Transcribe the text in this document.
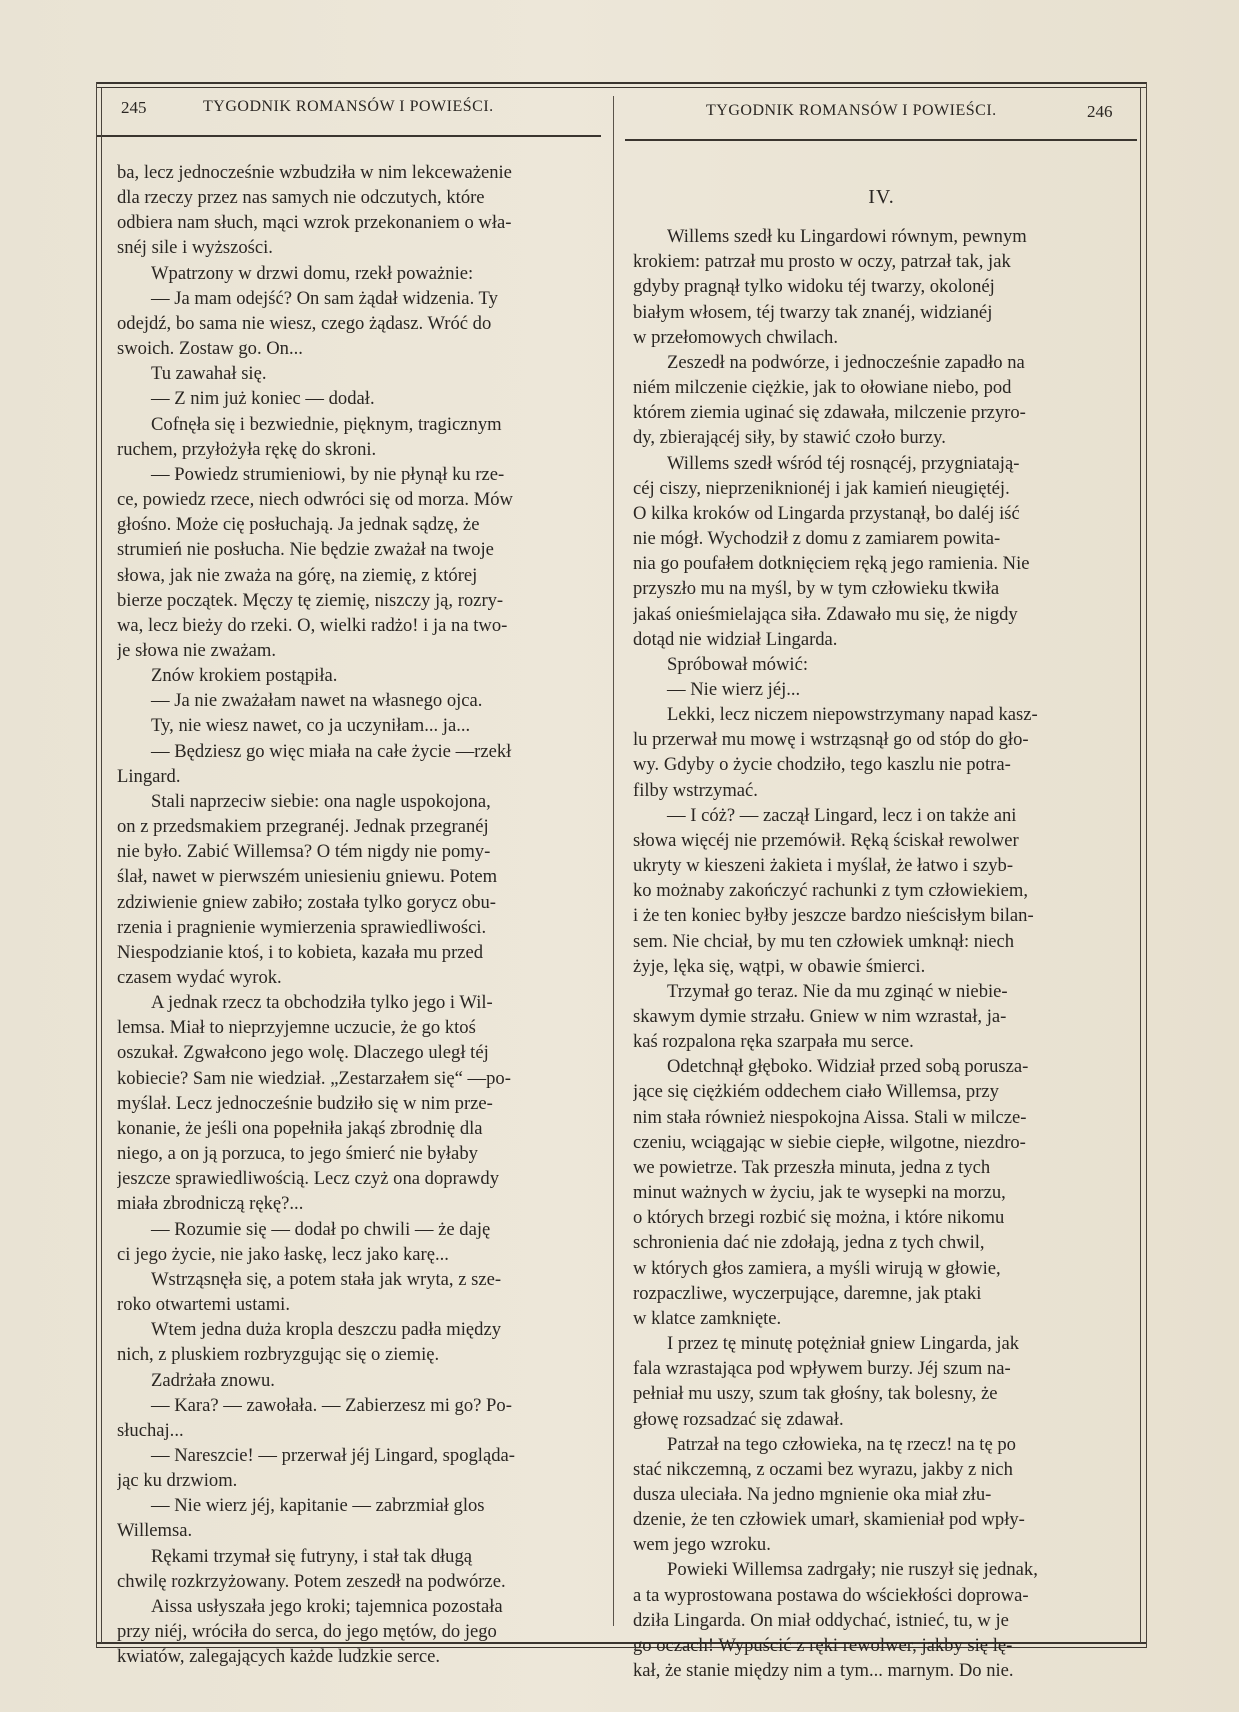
245	TYGODNIK ROMANSÓW I POWIEŚCI.	TYGODNIK ROMANSÓW I POWIEŚCI.	246
ba, lecz jednocześnie wzbudziła w nim lekceważenie
dla rzeczy przez nas samych nie odczutych, które
odbiera nam słuch, mąci wzrok przekonaniem o wła-
snéj sile i wyższości.
Wpatrzony w drzwi domu, rzekł poważnie:
— Ja mam odejść? On sam żądał widzenia. Ty
odejdź, bo sama nie wiesz, czego żądasz. Wróć do
swoich. Zostaw go. On...
Tu zawahał się.
— Z nim już koniec — dodał.
Cofnęła się i bezwiednie, pięknym, tragicznym
ruchem, przyłożyła rękę do skroni.
— Powiedz strumieniowi, by nie płynął ku rze-
ce, powiedz rzece, niech odwróci się od morza. Mów
głośno. Może cię posłuchają. Ja jednak sądzę, że
strumień nie posłucha. Nie będzie zważał na twoje
słowa, jak nie zważa na górę, na ziemię, z której
bierze początek. Męczy tę ziemię, niszczy ją, rozry-
wa, lecz bieży do rzeki. O, wielki radżo! i ja na two-
je słowa nie zważam.
Znów krokiem postąpiła.
— Ja nie zważałam nawet na własnego ojca.
Ty, nie wiesz nawet, co ja uczyniłam... ja...
— Będziesz go więc miała na całe życie —rzekł
Lingard.
Stali naprzeciw siebie: ona nagle uspokojona,
on z przedsmakiem przegranéj. Jednak przegranéj
nie było. Zabić Willemsa? O tém nigdy nie pomy-
ślał, nawet w pierwszém uniesieniu gniewu. Potem
zdziwienie gniew zabiło; została tylko gorycz obu-
rzenia i pragnienie wymierzenia sprawiedliwości.
Niespodzianie ktoś, i to kobieta, kazała mu przed
czasem wydać wyrok.
A jednak rzecz ta obchodziła tylko jego i Wil-
lemsa. Miał to nieprzyjemne uczucie, że go ktoś
oszukał. Zgwałcono jego wolę. Dlaczego uległ téj
kobiecie? Sam nie wiedział. „Zestarzałem się“ —po-
myślał. Lecz jednocześnie budziło się w nim prze-
konanie, że jeśli ona popełniła jakąś zbrodnię dla
niego, a on ją porzuca, to jego śmierć nie byłaby
jeszcze sprawiedliwością. Lecz czyż ona doprawdy
miała zbrodniczą rękę?...
— Rozumie się — dodał po chwili — że daję
ci jego życie, nie jako łaskę, lecz jako karę...
Wstrząsnęła się, a potem stała jak wryta, z sze-
roko otwartemi ustami.
Wtem jedna duża kropla deszczu padła między
nich, z pluskiem rozbryzgując się o ziemię.
Zadrżała znowu.
— Kara? — zawołała. — Zabierzesz mi go? Po-
słuchaj...
— Nareszcie! — przerwał jéj Lingard, spogląda-
jąc ku drzwiom.
— Nie wierz jéj, kapitanie — zabrzmiał glos
Willemsa.
Rękami trzymał się futryny, i stał tak długą
chwilę rozkrzyżowany. Potem zeszedł na podwórze.
Aissa usłyszała jego kroki; tajemnica pozostała
przy niéj, wróciła do serca, do jego mętów, do jego
kwiatów, zalegających każde ludzkie serce.
IV.
Willems szedł ku Lingardowi równym, pewnym
krokiem: patrzał mu prosto w oczy, patrzał tak, jak
gdyby pragnął tylko widoku téj twarzy, okolonéj
białym włosem, téj twarzy tak znanéj, widzianéj
w przełomowych chwilach.
Zeszedł na podwórze, i jednocześnie zapadło na
niém milczenie ciężkie, jak to ołowiane niebo, pod
którem ziemia uginać się zdawała, milczenie przyro-
dy, zbierającéj siły, by stawić czoło burzy.
Willems szedł wśród téj rosnącéj, przygniatają-
céj ciszy, nieprzeniknionéj i jak kamień nieugiętéj.
O kilka kroków od Lingarda przystanął, bo daléj iść
nie mógł. Wychodził z domu z zamiarem powita-
nia go poufałem dotknięciem ręką jego ramienia. Nie
przyszło mu na myśl, by w tym człowieku tkwiła
jakaś onieśmielająca siła. Zdawało mu się, że nigdy
dotąd nie widział Lingarda.
Spróbował mówić:
— Nie wierz jéj...
Lekki, lecz niczem niepowstrzymany napad kasz-
lu przerwał mu mowę i wstrząsnął go od stóp do gło-
wy. Gdyby o życie chodziło, tego kaszlu nie potra-
filby wstrzymać.
— I cóż? — zaczął Lingard, lecz i on także ani
słowa więcéj nie przemówił. Ręką ściskał rewolwer
ukryty w kieszeni żakieta i myślał, że łatwo i szyb-
ko możnaby zakończyć rachunki z tym człowiekiem,
i że ten koniec byłby jeszcze bardzo nieścisłym bilan-
sem. Nie chciał, by mu ten człowiek umknął: niech
żyje, lęka się, wątpi, w obawie śmierci.
Trzymał go teraz. Nie da mu zginąć w niebie-
skawym dymie strzału. Gniew w nim wzrastał, ja-
kaś rozpalona ręka szarpała mu serce.
Odetchnął głęboko. Widział przed sobą porusza-
jące się ciężkiém oddechem ciało Willemsa, przy
nim stała również niespokojna Aissa. Stali w milcze-
czeniu, wciągając w siebie ciepłe, wilgotne, niezdro-
we powietrze. Tak przeszła minuta, jedna z tych
minut ważnych w życiu, jak te wysepki na morzu,
o których brzegi rozbić się można, i które nikomu
schronienia dać nie zdołają, jedna z tych chwil,
w których głos zamiera, a myśli wirują w głowie,
rozpaczliwe, wyczerpujące, daremne, jak ptaki
w klatce zamknięte.
I przez tę minutę potężniał gniew Lingarda, jak
fala wzrastająca pod wpływem burzy. Jéj szum na-
pełniał mu uszy, szum tak głośny, tak bolesny, że
głowę rozsadzać się zdawał.
Patrzał na tego człowieka, na tę rzecz! na tę po
stać nikczemną, z oczami bez wyrazu, jakby z nich
dusza uleciała. Na jedno mgnienie oka miał złu-
dzenie, że ten człowiek umarł, skamieniał pod wpły-
wem jego wzroku.
Powieki Willemsa zadrgały; nie ruszył się jednak,
a ta wyprostowana postawa do wściekłości doprowa-
dziła Lingarda. On miał oddychać, istnieć, tu, w je
go oczach! Wypuścić z ręki rewolwer, jakby się lę-
kał, że stanie między nim a tym... marnym. Do nie.
